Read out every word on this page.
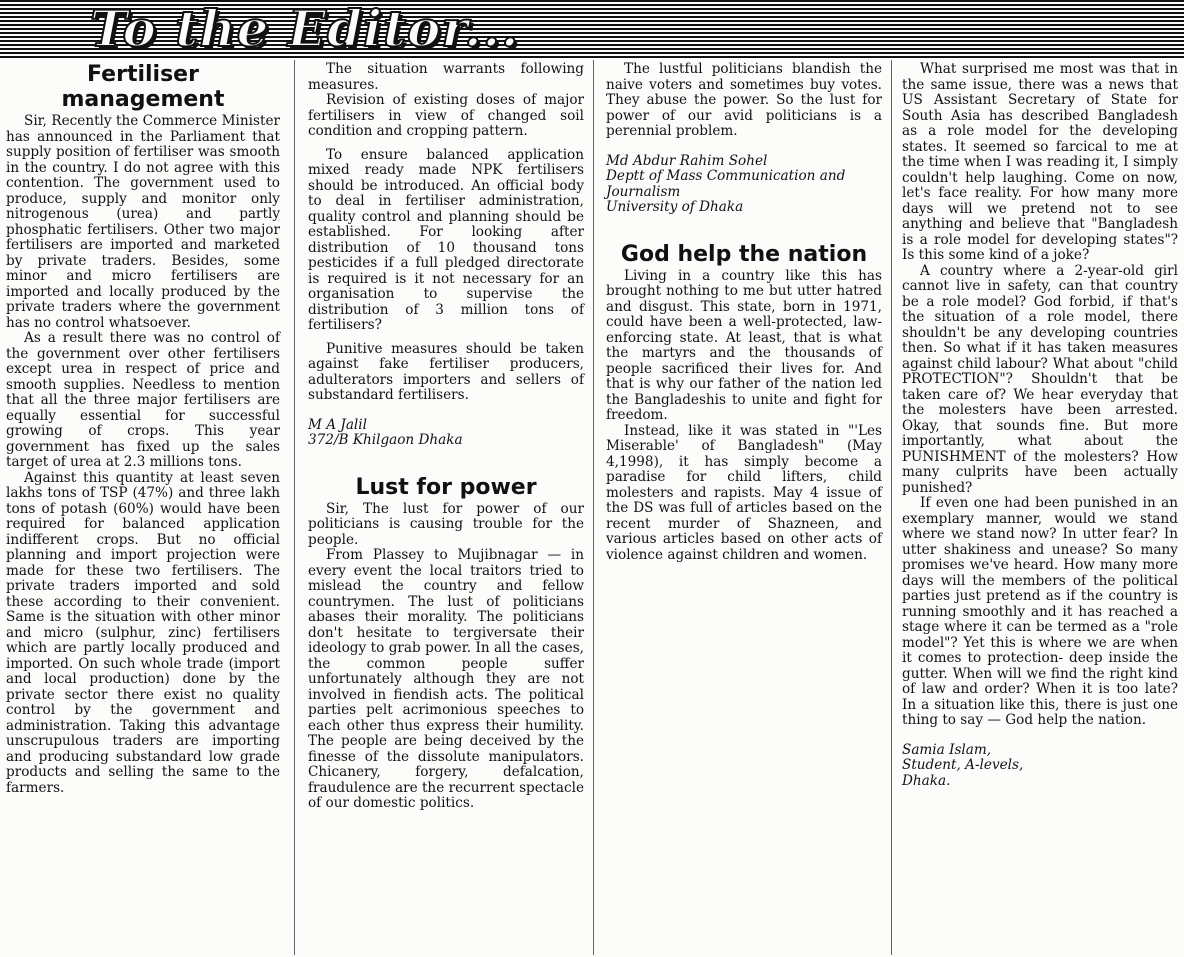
To the Editor...
Fertiliser management

Sir, Recently the Commerce Minister has announced in the Parliament that supply position of fertiliser was smooth in the country. I do not agree with this contention. The government used to produce, supply and monitor only nitrogenous (urea) and partly phosphatic fertilisers. Other two major fertilisers are imported and marketed by private traders. Besides, some minor and micro fertilisers are imported and locally produced by the private traders where the government has no control whatsoever.

As a result there was no control of the government over other fertilisers except urea in respect of price and smooth supplies. Needless to mention that all the three major fertilisers are equally essential for successful growing of crops. This year government has fixed up the sales target of urea at 2.3 millions tons.

Against this quantity at least seven lakhs tons of TSP (47%) and three lakh tons of potash (60%) would have been required for balanced application indifferent crops. But no official planning and import projection were made for these two fertilisers. The private traders imported and sold these according to their convenient. Same is the situation with other minor and micro (sulphur, zinc) fertilisers which are partly locally produced and imported. On such whole trade (import and local production) done by the private sector there exist no quality control by the government and administration. Taking this advantage unscrupulous traders are importing and producing substandard low grade products and selling the same to the farmers.

The situation warrants following measures.

Revision of existing doses of major fertilisers in view of changed soil condition and cropping pattern.

To ensure balanced application mixed ready made NPK fertilisers should be introduced. An official body to deal in fertiliser administration, quality control and planning should be established. For looking after distribution of 10 thousand tons pesticides if a full pledged directorate is required is it not necessary for an organisation to supervise the distribution of 3 million tons of fertilisers?

Punitive measures should be taken against fake fertiliser producers, adulterators importers and sellers of substandard fertilisers.

M A Jalil
372/B Khilgaon Dhaka
Lust for power

Sir, The lust for power of our politicians is causing trouble for the people.

From Plassey to Mujibnagar — in every event the local traitors tried to mislead the country and fellow countrymen. The lust of politicians abases their morality. The politicians don't hesitate to tergiversate their ideology to grab power. In all the cases, the common people suffer unfortunately although they are not involved in fiendish acts. The political parties pelt acrimonious speeches to each other thus express their humility. The people are being deceived by the finesse of the dissolute manipulators. Chicanery, forgery, defalcation, fraudulence are the recurrent spectacle of our domestic politics.

The lustful politicians blandish the naive voters and sometimes buy votes. They abuse the power. So the lust for power of our avid politicians is a perennial problem.

Md Abdur Rahim Sohel
Deptt of Mass Communication and Journalism
University of Dhaka
God help the nation

Living in a country like this has brought nothing to me but utter hatred and disgust. This state, born in 1971, could have been a well-protected, law-enforcing state. At least, that is what the martyrs and the thousands of people sacrificed their lives for. And that is why our father of the nation led the Bangladeshis to unite and fight for freedom.

Instead, like it was stated in "'Les Miserable' of Bangladesh" (May 4,1998), it has simply become a paradise for child lifters, child molesters and rapists. May 4 issue of the DS was full of articles based on the recent murder of Shazneen, and various articles based on other acts of violence against children and women.

What surprised me most was that in the same issue, there was a news that US Assistant Secretary of State for South Asia has described Bangladesh as a role model for the developing states. It seemed so farcical to me at the time when I was reading it, I simply couldn't help laughing. Come on now, let's face reality. For how many more days will we pretend not to see anything and believe that "Bangladesh is a role model for developing states"? Is this some kind of a joke?

A country where a 2-year-old girl cannot live in safety, can that country be a role model? God forbid, if that's the situation of a role model, there shouldn't be any developing countries then. So what if it has taken measures against child labour? What about "child PROTECTION"? Shouldn't that be taken care of? We hear everyday that the molesters have been arrested. Okay, that sounds fine. But more importantly, what about the PUNISHMENT of the molesters? How many culprits have been actually punished?

If even one had been punished in an exemplary manner, would we stand where we stand now? In utter fear? In utter shakiness and unease? So many promises we've heard. How many more days will the members of the political parties just pretend as if the country is running smoothly and it has reached a stage where it can be termed as a "role model"? Yet this is where we are when it comes to protection- deep inside the gutter. When will we find the right kind of law and order? When it is too late? In a situation like this, there is just one thing to say — God help the nation.

Samia Islam,
Student, A-levels,
Dhaka.
